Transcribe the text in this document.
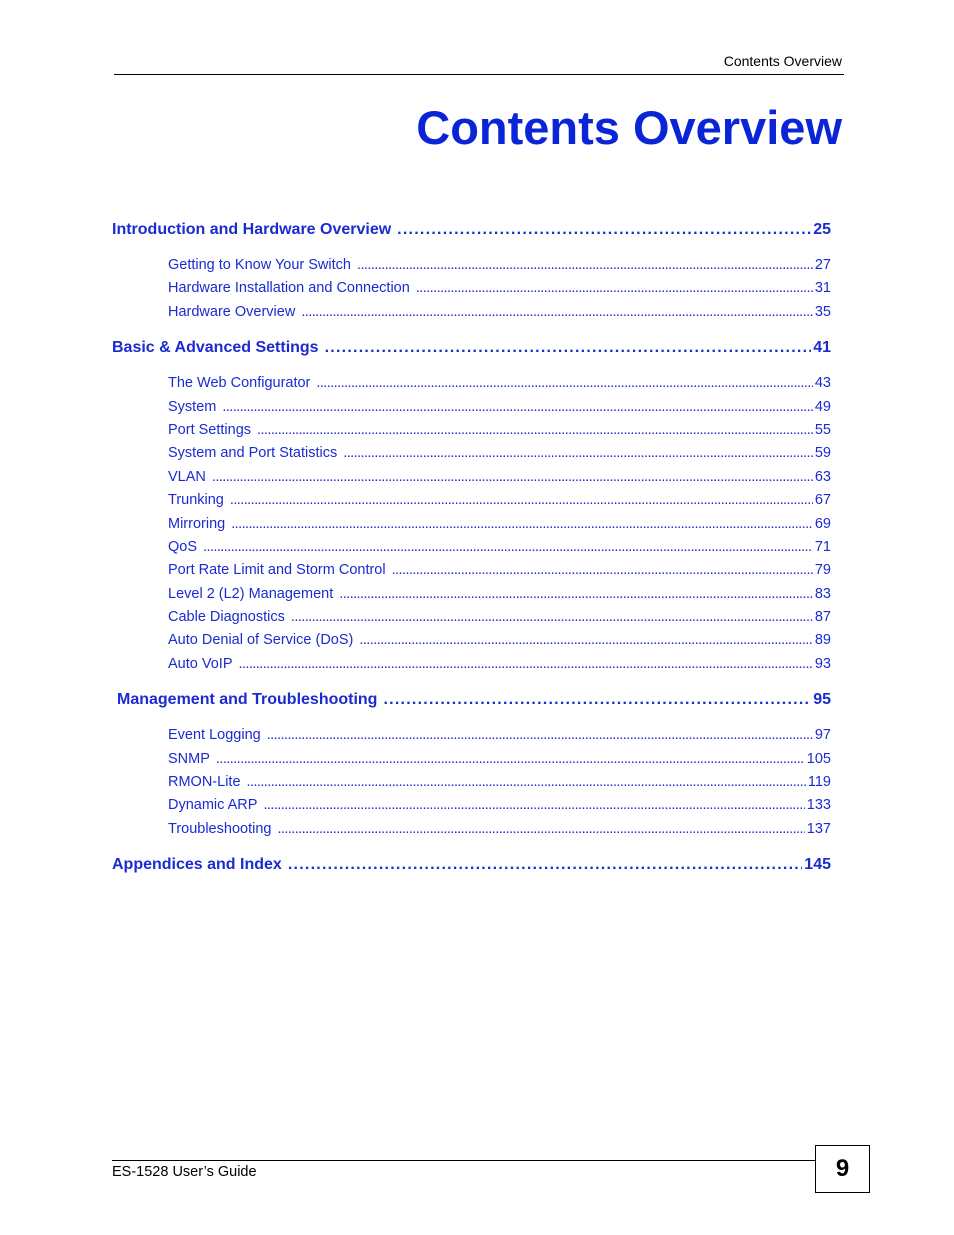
Contents Overview
Contents Overview
Introduction and Hardware Overview . . .	25
Getting to Know Your Switch . . .	27
Hardware Installation and Connection . . .	31
Hardware Overview . . .	35
Basic & Advanced Settings . . .	41
The Web Configurator . . .	43
System . . .	49
Port Settings . . .	55
System and Port Statistics . . .	59
VLAN . . .	63
Trunking . . .	67
Mirroring . . .	69
QoS . . .	71
Port Rate Limit and Storm Control . . .	79
Level 2 (L2) Management . . .	83
Cable Diagnostics . . .	87
Auto Denial of Service (DoS) . . .	89
Auto VoIP . . .	93
Management and Troubleshooting . . .	95
Event Logging . . .	97
SNMP . . .	105
RMON-Lite . . .	119
Dynamic ARP . . .	133
Troubleshooting . . .	137
Appendices and Index . . .	145
ES-1528 User’s Guide	9
